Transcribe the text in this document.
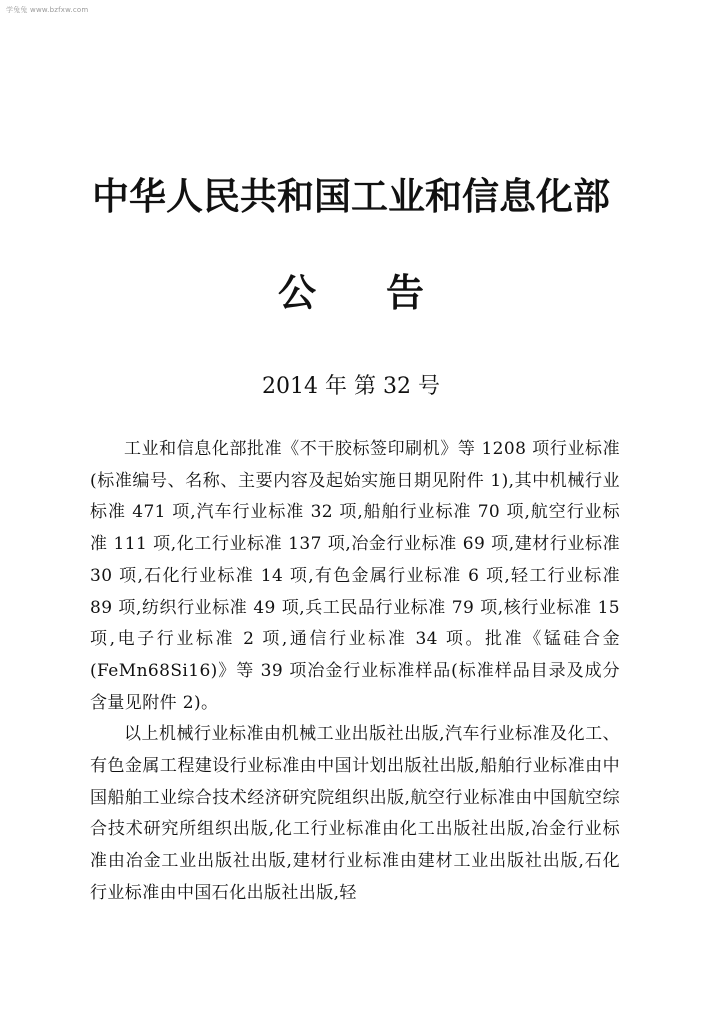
学兔兔 www.bzfxw.com
中华人民共和国工业和信息化部
公 告
2014 年 第 32 号

工业和信息化部批准《不干胶标签印刷机》等 1208 项行业标准(标准编号、名称、主要内容及起始实施日期见附件 1),其中机械行业标准 471 项,汽车行业标准 32 项,船舶行业标准 70 项,航空行业标准 111 项,化工行业标准 137 项,冶金行业标准 69 项,建材行业标准 30 项,石化行业标准 14 项,有色金属行业标准 6 项,轻工行业标准 89 项,纺织行业标准 49 项,兵工民品行业标准 79 项,核行业标准 15 项,电子行业标准 2 项,通信行业标准 34 项。批准《锰硅合金(FeMn68Si16)》等 39 项冶金行业标准样品(标准样品目录及成分含量见附件 2)。

以上机械行业标准由机械工业出版社出版,汽车行业标准及化工、有色金属工程建设行业标准由中国计划出版社出版,船舶行业标准由中国船舶工业综合技术经济研究院组织出版,航空行业标准由中国航空综合技术研究所组织出版,化工行业标准由化工出版社出版,冶金行业标准由冶金工业出版社出版,建材行业标准由建材工业出版社出版,石化行业标准由中国石化出版社出版,轻
